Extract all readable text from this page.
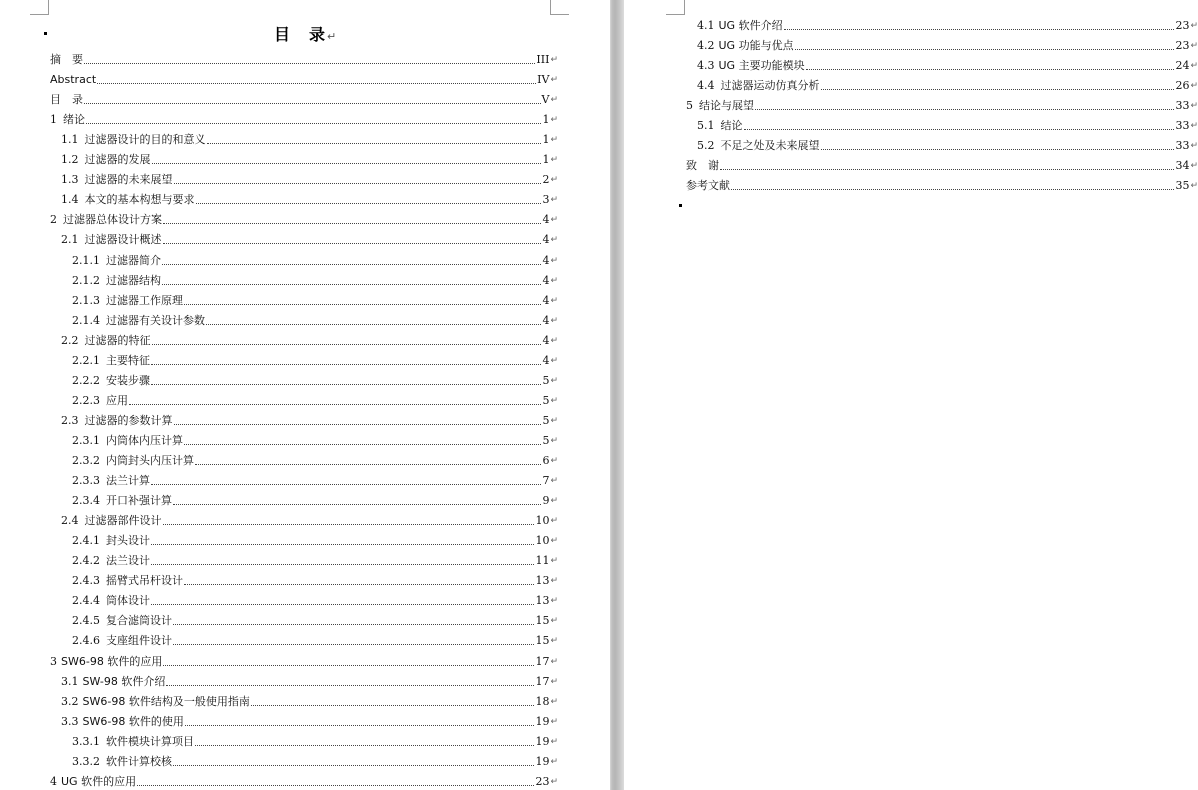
目 录↵
摘　要	III ↵
Abstract	IV ↵
目　录	V ↵
1 绪论	1 ↵
1.1 过滤器设计的目的和意义	1 ↵
1.2 过滤器的发展	1 ↵
1.3 过滤器的未来展望	2 ↵
1.4 本文的基本构想与要求	3 ↵
2 过滤器总体设计方案	4 ↵
2.1 过滤器设计概述	4 ↵
2.1.1 过滤器简介	4 ↵
2.1.2 过滤器结构	4 ↵
2.1.3 过滤器工作原理	4 ↵
2.1.4 过滤器有关设计参数	4 ↵
2.2 过滤器的特征	4 ↵
2.2.1 主要特征	4 ↵
2.2.2 安装步骤	5 ↵
2.2.3 应用	5 ↵
2.3 过滤器的参数计算	5 ↵
2.3.1 内筒体内压计算	5 ↵
2.3.2 内筒封头内压计算	6 ↵
2.3.3 法兰计算	7 ↵
2.3.4 开口补强计算	9 ↵
2.4 过滤器部件设计	10 ↵
2.4.1 封头设计	10 ↵
2.4.2 法兰设计	11 ↵
2.4.3 摇臂式吊杆设计	13 ↵
2.4.4 筒体设计	13 ↵
2.4.5 复合滤筒设计	15 ↵
2.4.6 支座组件设计	15 ↵
3 SW6-98 软件的应用	17 ↵
3.1 SW-98 软件介绍	17 ↵
3.2 SW6-98 软件结构及一般使用指南	18 ↵
3.3 SW6-98 软件的使用	19 ↵
3.3.1 软件模块计算项目	19 ↵
3.3.2 软件计算校核	19 ↵
4 UG 软件的应用	23 ↵
4.1 UG 软件介绍	23 ↵
4.2 UG 功能与优点	23 ↵
4.3 UG 主要功能模块	24 ↵
4.4 过滤器运动仿真分析	26 ↵
5 结论与展望	33 ↵
5.1 结论	33 ↵
5.2 不足之处及未来展望	33 ↵
致　谢	34 ↵
参考文献	35 ↵
